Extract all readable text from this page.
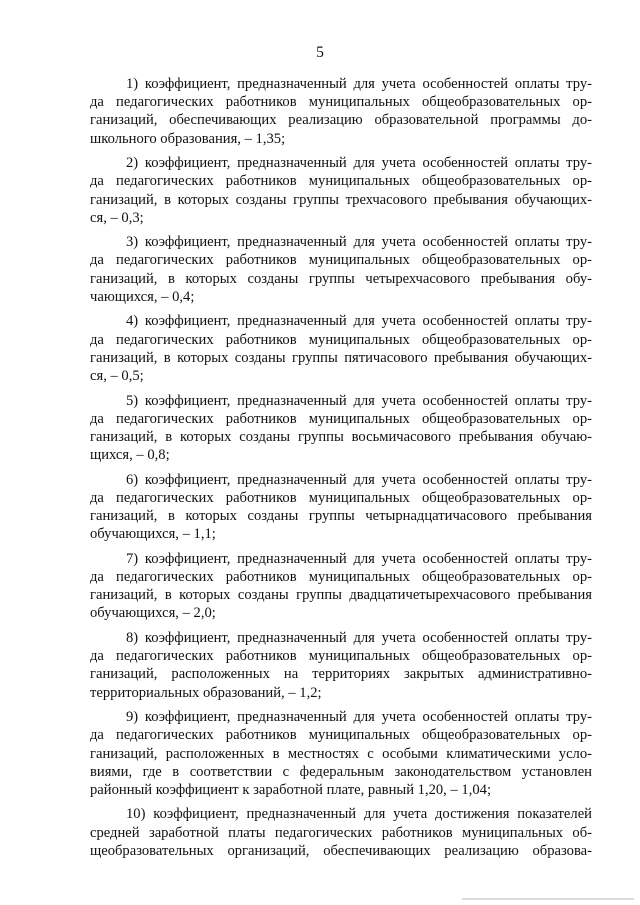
5
1) коэффициент, предназначенный для учета особенностей оплаты тру-
да педагогических работников муниципальных общеобразовательных ор-
ганизаций, обеспечивающих реализацию образовательной программы до-
школьного образования, – 1,35;
2) коэффициент, предназначенный для учета особенностей оплаты тру-
да педагогических работников муниципальных общеобразовательных ор-
ганизаций, в которых созданы группы трехчасового пребывания обучающих-
ся, – 0,3;
3) коэффициент, предназначенный для учета особенностей оплаты тру-
да педагогических работников муниципальных общеобразовательных ор-
ганизаций, в которых созданы группы четырехчасового пребывания обу-
чающихся, – 0,4;
4) коэффициент, предназначенный для учета особенностей оплаты тру-
да педагогических работников муниципальных общеобразовательных ор-
ганизаций, в которых созданы группы пятичасового пребывания обучающих-
ся, – 0,5;
5) коэффициент, предназначенный для учета особенностей оплаты тру-
да педагогических работников муниципальных общеобразовательных ор-
ганизаций, в которых созданы группы восьмичасового пребывания обучаю-
щихся, – 0,8;
6) коэффициент, предназначенный для учета особенностей оплаты тру-
да педагогических работников муниципальных общеобразовательных ор-
ганизаций, в которых созданы группы четырнадцатичасового пребывания
обучающихся, – 1,1;
7) коэффициент, предназначенный для учета особенностей оплаты тру-
да педагогических работников муниципальных общеобразовательных ор-
ганизаций, в которых созданы группы двадцатичетырехчасового пребывания
обучающихся, – 2,0;
8) коэффициент, предназначенный для учета особенностей оплаты тру-
да педагогических работников муниципальных общеобразовательных ор-
ганизаций, расположенных на территориях закрытых административно-
территориальных образований, – 1,2;
9) коэффициент, предназначенный для учета особенностей оплаты тру-
да педагогических работников муниципальных общеобразовательных ор-
ганизаций, расположенных в местностях с особыми климатическими усло-
виями, где в соответствии с федеральным законодательством установлен
районный коэффициент к заработной плате, равный 1,20, – 1,04;
10) коэффициент, предназначенный для учета достижения показателей
средней заработной платы педагогических работников муниципальных об-
щеобразовательных организаций, обеспечивающих реализацию образова-
